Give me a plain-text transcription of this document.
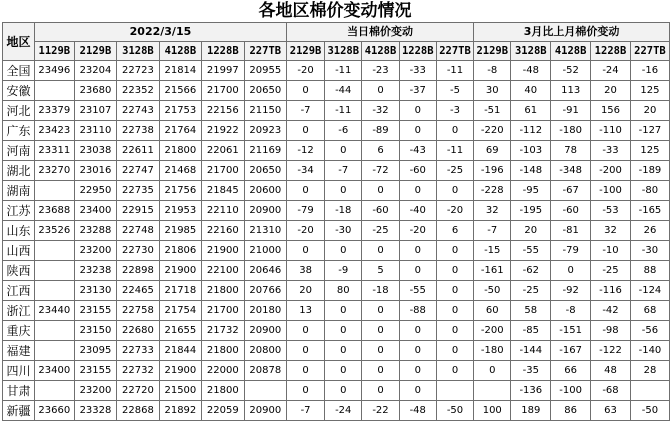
各地区棉价变动情况
地区	2022/3/15						当日棉价变动					3月比上月棉价变动				
	1129B	2129B	3128B	4128B	1228B	227TB	2129B	3128B	4128B	1228B	227TB	2129B	3128B	4128B	1228B	227TB
全国	23496	23204	22723	21814	21997	20955	-20	-11	-23	-33	-11	-8	-48	-52	-24	-16
安徽		23680	22352	21566	21700	20650	0	-44	0	-37	-5	30	40	113	20	125
河北	23379	23107	22743	21753	22156	21150	-7	-11	-32	0	-3	-51	61	-91	156	20
广东	23423	23110	22738	21764	21922	20923	0	-6	-89	0	0	-220	-112	-180	-110	-127
河南	23311	23038	22611	21800	22061	21169	-12	0	6	-43	-11	69	-103	78	-33	125
湖北	23270	23016	22747	21468	21700	20650	-34	-7	-72	-60	-25	-196	-148	-348	-200	-189
湖南		22950	22735	21756	21845	20600	0	0	0	0	0	-228	-95	-67	-100	-80
江苏	23688	23400	22915	21953	22110	20900	-79	-18	-60	-40	-20	32	-195	-60	-53	-165
山东	23526	23288	22748	21985	22160	21310	-20	-30	-25	-20	6	-7	20	-81	32	26
山西		23200	22730	21806	21900	21000	0	0	0	0	0	-15	-55	-79	-10	-30
陕西		23238	22898	21900	22100	20646	38	-9	5	0	0	-161	-62	0	-25	88
江西		23130	22465	21718	21800	20766	20	80	-18	-55	0	-50	-25	-92	-116	-124
浙江	23440	23155	22758	21754	21700	20180	13	0	0	-88	0	60	58	-8	-42	68
重庆		23150	22680	21655	21732	20900	0	0	0	0	0	-200	-85	-151	-98	-56
福建		23095	22733	21844	21800	20800	0	0	0	0	0	-180	-144	-167	-122	-140
四川	23400	23155	22732	21900	22000	20878	0	0	0	0	0	0	-35	66	48	28
甘肃		23200	22720	21500	21800		0	0	0	0			-136	-100	-68	
新疆	23660	23328	22868	21892	22059	20900	-7	-24	-22	-48	-50	100	189	86	63	-50
